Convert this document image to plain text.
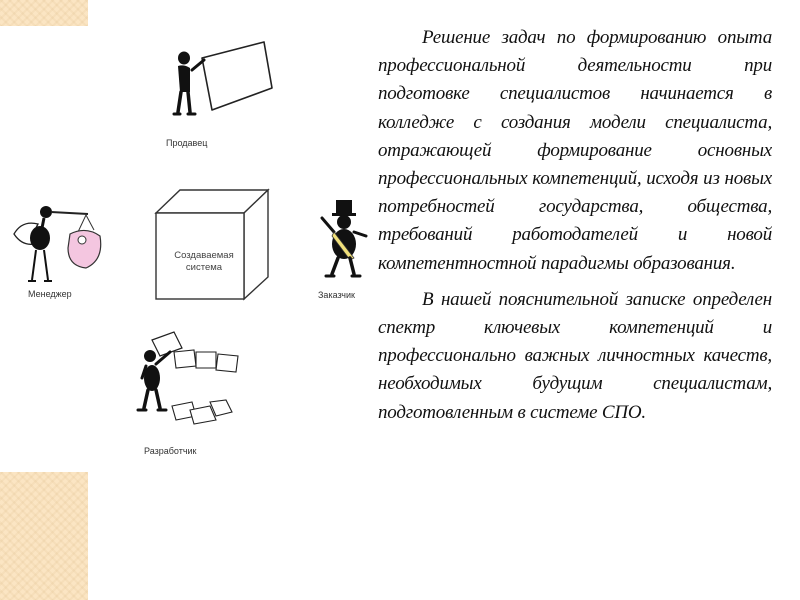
Продавец
Создаваемая
система
Менеджер	Заказчик
Разработчик

Решение задач по формированию опыта профессиональной деятельности при подготовке специалистов начинается в колледже с создания модели специалиста, отражающей формирование основных профессиональных компетенций, исходя из новых потребностей государства, общества, требований работодателей и новой компетентностной парадигмы образования.

В нашей пояснительной записке определен спектр ключевых компетенций и профессионально важных личностных качеств, необходимых будущим специалистам, подготовленным в системе СПО.
